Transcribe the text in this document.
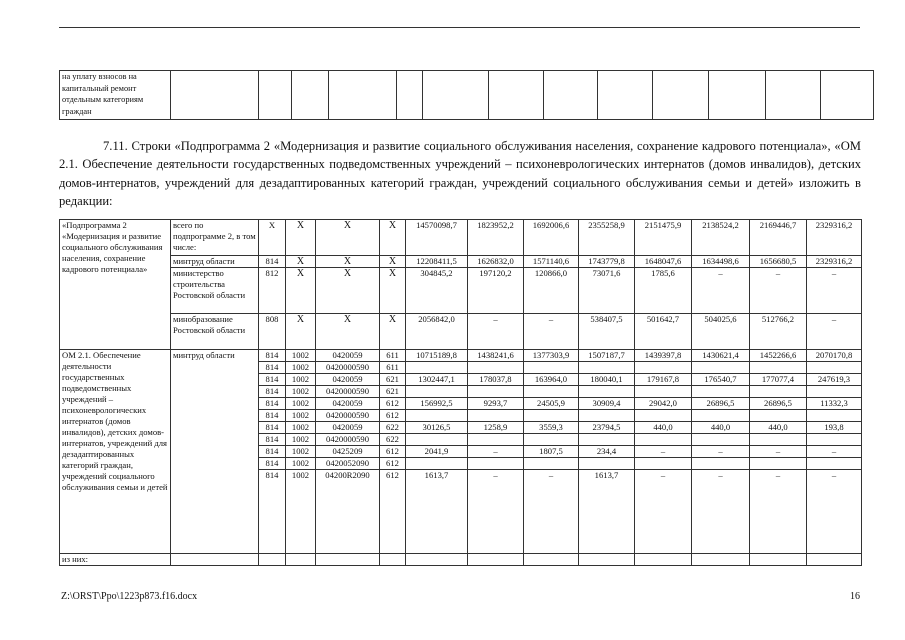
на уплату взносов на
капитальный ремонт
отдельным категориям
граждан

7.11. Строки «Подпрограмма 2 «Модернизация и развитие социального обслуживания населения, сохранение кадрового потенциала», «ОМ 2.1. Обеспечение деятельности государственных подведомственных учреждений – психоневрологических интернатов (домов инвалидов), детских домов-интернатов, учреждений для дезадаптированных категорий граждан, учреждений социального обслуживания семьи и детей» изложить в редакции:

«Подпрограмма 2 «Модернизация и развитие социального обслуживания населения, сохранение кадрового потенциала»	всего по подпрограмме 2, в том числе:	X	X	X	X	14570098,7	1823952,2	1692006,6	2355258,9	2151475,9	2138524,2	2169446,7	2329316,2
	минтруд области	814	X	X	X	12208411,5	1626832,0	1571140,6	1743779,8	1648047,6	1634498,6	1656680,5	2329316,2
	министерство строительства Ростовской области	812	X	X	X	304845,2	197120,2	120866,0	73071,6	1785,6	–	–	–
	минобразование Ростовской области	808	X	X	X	2056842,0	–	–	538407,5	501642,7	504025,6	512766,2	–
ОМ 2.1. Обеспечение деятельности государственных подведомственных учреждений – психоневрологических интернатов (домов инвалидов), детских домов-интернатов, учреждений для дезадаптированных категорий граждан, учреждений социального обслуживания семьи и детей	минтруд области	814	1002	0420059	611	10715189,8	1438241,6	1377303,9	1507187,7	1439397,8	1430621,4	1452266,6	2070170,8
		814	1002	0420000590	611								
		814	1002	0420059	621	1302447,1	178037,8	163964,0	180040,1	179167,8	176540,7	177077,4	247619,3
		814	1002	0420000590	621								
		814	1002	0420059	612	156992,5	9293,7	24505,9	30909,4	29042,0	26896,5	26896,5	11332,3
		814	1002	0420000590	612								
		814	1002	0420059	622	30126,5	1258,9	3559,3	23794,5	440,0	440,0	440,0	193,8
		814	1002	0420000590	622								
		814	1002	0425209	612	2041,9	–	1807,5	234,4	–	–	–	–
		814	1002	0420052090	612								
		814	1002	04200R2090	612	1613,7	–	–	1613,7	–	–	–	–
из них:													
Z:\ORST\Ppo\1223p873.f16.docx	16
